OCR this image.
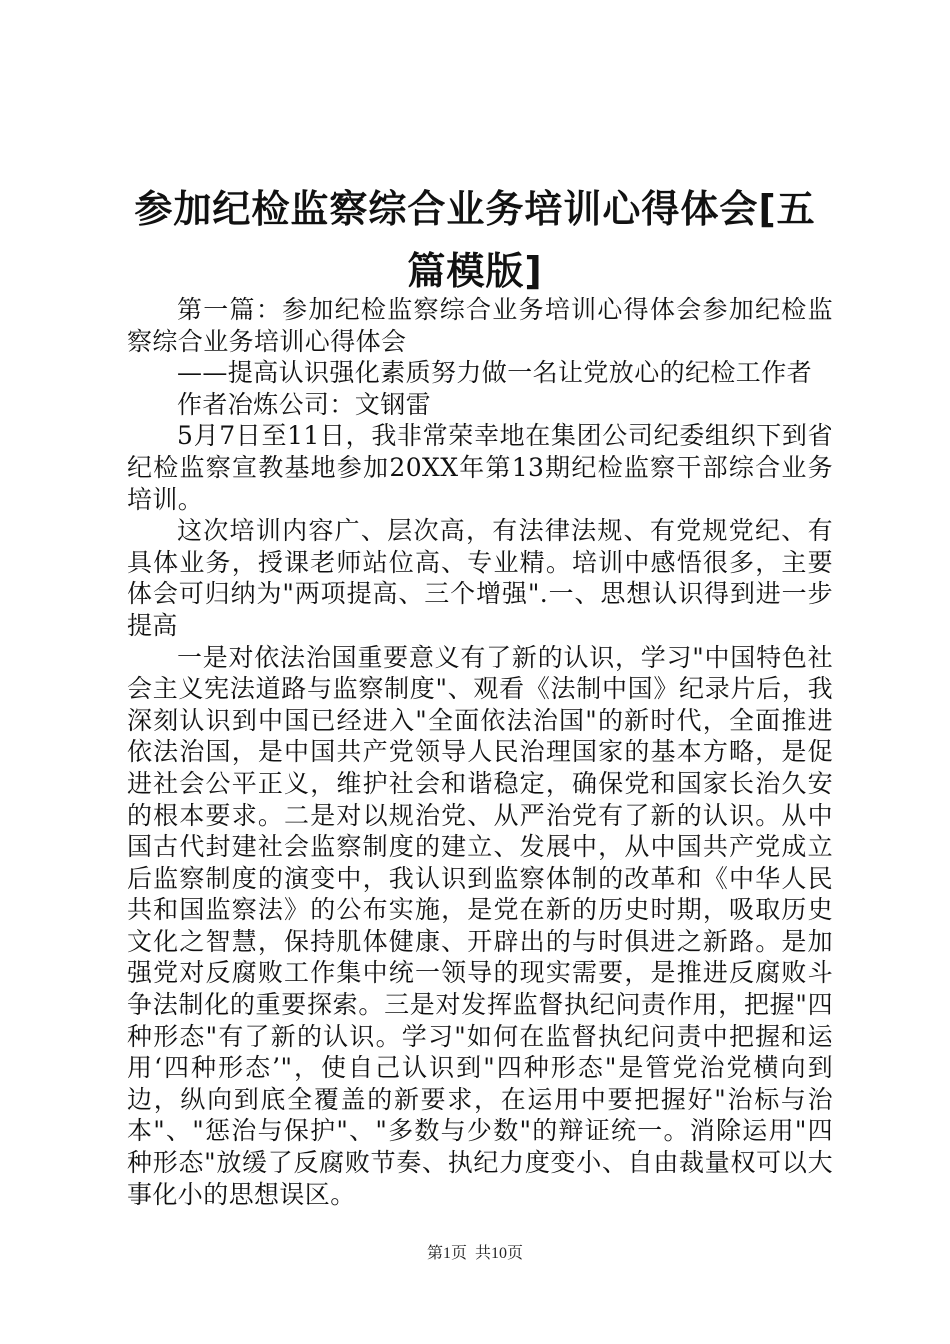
参加纪检监察综合业务培训心得体会[五篇模版]

第一篇：参加纪检监察综合业务培训心得体会参加纪检监察综合业务培训心得体会

——提高认识强化素质努力做一名让党放心的纪检工作者

作者冶炼公司：文钢雷

5月7日至11日，我非常荣幸地在集团公司纪委组织下到省纪检监察宣教基地参加20XX年第13期纪检监察干部综合业务培训。

这次培训内容广、层次高，有法律法规、有党规党纪、有具体业务，授课老师站位高、专业精。培训中感悟很多，主要体会可归纳为"两项提高、三个增强".一、思想认识得到进一步提高

一是对依法治国重要意义有了新的认识，学习"中国特色社会主义宪法道路与监察制度"、观看《法制中国》纪录片后，我深刻认识到中国已经进入"全面依法治国"的新时代，全面推进依法治国，是中国共产党领导人民治理国家的基本方略，是促进社会公平正义，维护社会和谐稳定，确保党和国家长治久安的根本要求。二是对以规治党、从严治党有了新的认识。从中国古代封建社会监察制度的建立、发展中，从中国共产党成立后监察制度的演变中，我认识到监察体制的改革和《中华人民共和国监察法》的公布实施，是党在新的历史时期，吸取历史文化之智慧，保持肌体健康、开辟出的与时俱进之新路。是加强党对反腐败工作集中统一领导的现实需要，是推进反腐败斗争法制化的重要探索。三是对发挥监督执纪问责作用，把握"四种形态"有了新的认识。学习"如何在监督执纪问责中把握和运用‘四种形态’"，使自己认识到"四种形态"是管党治党横向到边，纵向到底全覆盖的新要求，在运用中要把握好"治标与治本"、"惩治与保护"、"多数与少数"的辩证统一。消除运用"四种形态"放缓了反腐败节奏、执纪力度变小、自由裁量权可以大事化小的思想误区。

第1页 共10页
